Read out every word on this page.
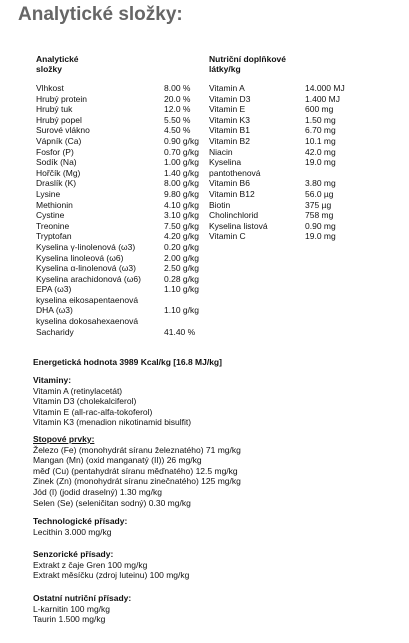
Analytické složky:
Analytické
složky
Vlhkost	8.00 %
Hrubý protein	20.0 %
Hrubý tuk	12.0 %
Hrubý popel	5.50 %
Surové vlákno	4.50 %
Vápník (Ca)	0.90 g/kg
Fosfor (P)	0.70 g/kg
Sodík (Na)	1.00 g/kg
Hořčík (Mg)	1.40 g/kg
Draslík (K)	8.00 g/kg
Lysine	9.80 g/kg
Methionin	4.10 g/kg
Cystine	3.10 g/kg
Treonine	7.50 g/kg
Tryptofan	4.20 g/kg
Kyselina γ-linolenová (ω3)	0.20 g/kg
Kyselina linoleová (ω6)	2.00 g/kg
Kyselina α-linolenová (ω3)	2.50 g/kg
Kyselina arachidonová (ω6)	0.28 g/kg
EPA (ω3)	1.10 g/kg
kyselina eikosapentaenová	
DHA (ω3)	1.10 g/kg
kyselina dokosahexaenová	
Sacharidy	41.40 %
Nutriční doplňkové
látky/kg
Vitamin A	14.000 MJ
Vitamin D3	1.400 MJ
Vitamin E	600 mg
Vitamin K3	1.50 mg
Vitamin B1	6.70 mg
Vitamin B2	10.1 mg
Niacin	42.0 mg
Kyselina	19.0 mg
pantothenová	
Vitamin B6	3.80 mg
Vitamin B12	56.0 µg
Biotin	375 µg
Cholinchlorid	758 mg
Kyselina listová	0.90 mg
Vitamin C	19.0 mg
Energetická hodnota 3989 Kcal/kg [16.8 MJ/kg]
Vitaminy:
Vitamin A (retinylacetát)
Vitamin D3 (cholekalciferol)
Vitamin E (all-rac-alfa-tokoferol)
Vitamin K3 (menadion nikotinamid bisulfit)
Stopové prvky:
Železo (Fe) (monohydrát síranu železnatého) 71 mg/kg
Mangan (Mn) (oxid manganatý (II)) 26 mg/kg
měď (Cu) (pentahydrát síranu měďnatého) 12.5 mg/kg
Zinek (Zn) (monohydrát síranu zinečnatého) 125 mg/kg
Jód (I) (jodid draselný) 1.30 mg/kg
Selen (Se) (seleničitan sodný) 0.30 mg/kg
Technologické přísady:
Lecithin 3.000 mg/kg
Senzorické přísady:
Extrakt z čaje Gren 100 mg/kg
Extrakt měsíčku (zdroj luteinu) 100 mg/kg
Ostatní nutriční přísady:
L-karnitin 100 mg/kg
Taurin 1.500 mg/kg
